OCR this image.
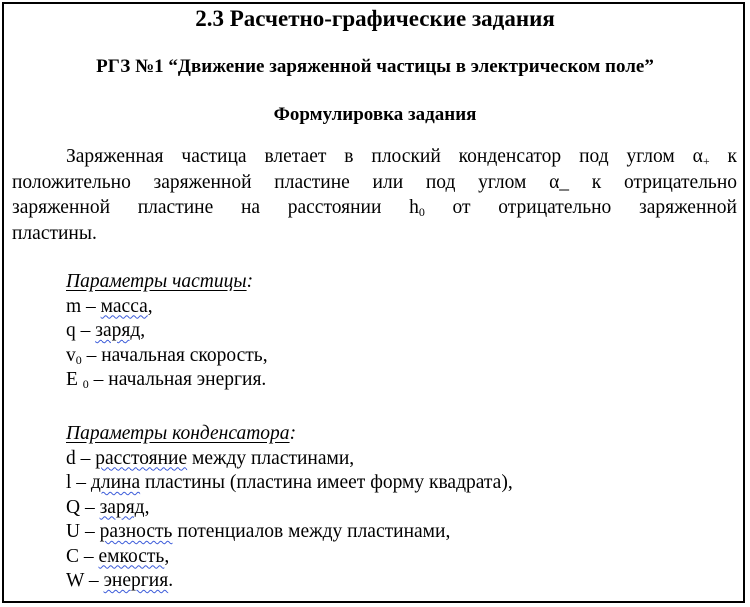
2.3 Расчетно-графические задания
РГЗ №1 “Движение заряженной частицы в электрическом поле”
Формулировка задания
Заряженная частица влетает в плоский конденсатор под углом $\alpha_+$ к
положительно заряженной пластине или под углом α_ к отрицательно
заряженной пластине на расстоянии $h_0$ от отрицательно заряженной
пластины.
Параметры частицы:
m – масса,
q – заряд,
$v_0$ – начальная скорость,
E $_0$ – начальная энергия.
Параметры конденсатора:
d – расстояние между пластинами,
l – длина пластины (пластина имеет форму квадрата),
Q – заряд,
U – разность потенциалов между пластинами,
C – емкость,
W – энергия.
